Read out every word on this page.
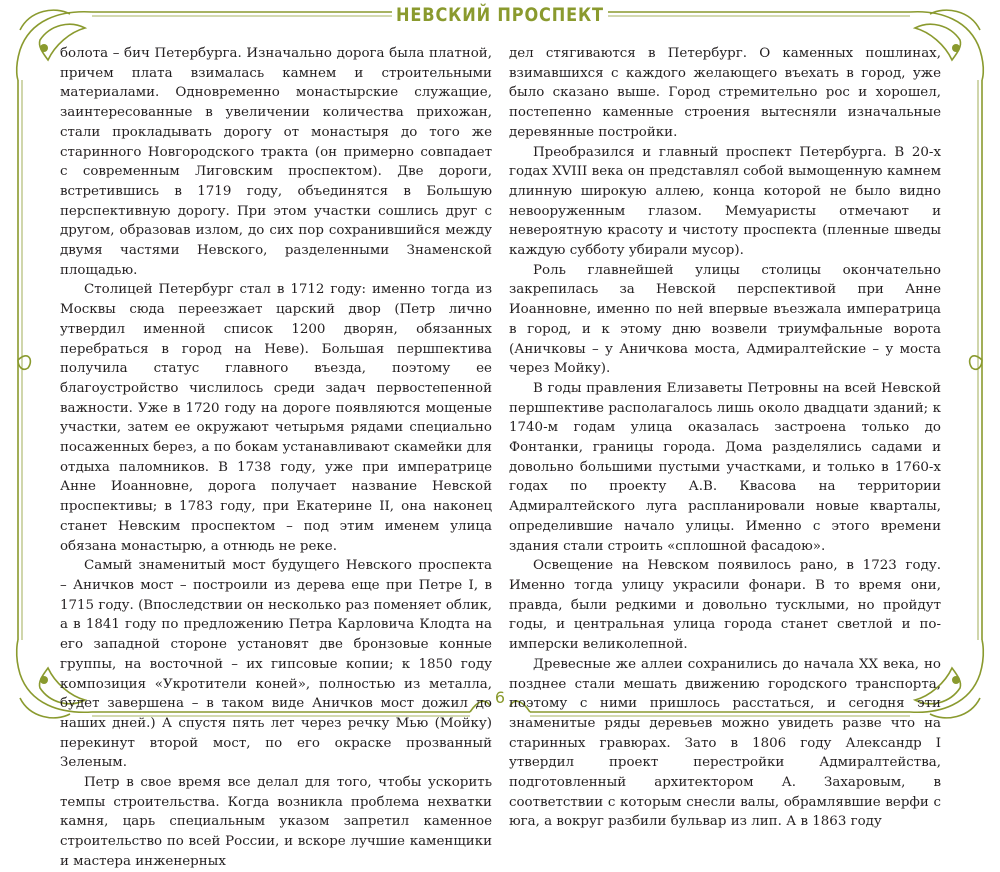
НЕВСКИЙ ПРОСПЕКТ

болота – бич Петербурга. Изначально дорога была платной, причем плата взималась камнем и строительными материалами. Одновременно монастырские служащие, заинтересованные в увеличении количества прихожан, стали прокладывать дорогу от монастыря до того же старинного Новгородского тракта (он примерно совпадает с современным Лиговским проспектом). Две дороги, встретившись в 1719 году, объединятся в Большую перспективную дорогу. При этом участки сошлись друг с другом, образовав излом, до сих пор сохранившийся между двумя частями Невского, разделенными Знаменской площадью.

Столицей Петербург стал в 1712 году: именно тогда из Москвы сюда переезжает царский двор (Петр лично утвердил именной список 1200 дворян, обязанных перебраться в город на Неве). Большая першпектива получила статус главного въезда, поэтому ее благоустройство числилось среди задач первостепенной важности. Уже в 1720 году на дороге появляются мощеные участки, затем ее окружают четырьмя рядами специально посаженных берез, а по бокам устанавливают скамейки для отдыха паломников. В 1738 году, уже при императрице Анне Иоанновне, дорога получает название Невской проспективы; в 1783 году, при Екатерине II, она наконец станет Невским проспектом – под этим именем улица обязана монастырю, а отнюдь не реке.

Самый знаменитый мост будущего Невского проспекта – Аничков мост – построили из дерева еще при Петре I, в 1715 году. (Впоследствии он несколько раз поменяет облик, а в 1841 году по предложению Петра Карловича Клодта на его западной стороне установят две бронзовые конные группы, на восточной – их гипсовые копии; к 1850 году композиция «Укротители коней», полностью из металла, будет завершена – в таком виде Аничков мост дожил до наших дней.) А спустя пять лет через речку Мью (Мойку) перекинут второй мост, по его окраске прозванный Зеленым.

Петр в свое время все делал для того, чтобы ускорить темпы строительства. Когда возникла проблема нехватки камня, царь специальным указом запретил каменное строительство по всей России, и вскоре лучшие каменщики и мастера инженерных

дел стягиваются в Петербург. О каменных пошлинах, взимавшихся с каждого желающего въехать в город, уже было сказано выше. Город стремительно рос и хорошел, постепенно каменные строения вытесняли изначальные деревянные постройки.

Преобразился и главный проспект Петербурга. В 20-х годах XVIII века он представлял собой вымощенную камнем длинную широкую аллею, конца которой не было видно невооруженным глазом. Мемуаристы отмечают и невероятную красоту и чистоту проспекта (пленные шведы каждую субботу убирали мусор).

Роль главнейшей улицы столицы окончательно закрепилась за Невской перспективой при Анне Иоанновне, именно по ней впервые въезжала императрица в город, и к этому дню возвели триумфальные ворота (Аничковы – у Аничкова моста, Адмиралтейские – у моста через Мойку).

В годы правления Елизаветы Петровны на всей Невской першпективе располагалось лишь около двадцати зданий; к 1740-м годам улица оказалась застроена только до Фонтанки, границы города. Дома разделялись садами и довольно большими пустыми участками, и только в 1760-х годах по проекту А.В. Квасова на территории Адмиралтейского луга распланировали новые кварталы, определившие начало улицы. Именно с этого времени здания стали строить «сплошной фасадою».

Освещение на Невском появилось рано, в 1723 году. Именно тогда улицу украсили фонари. В то время они, правда, были редкими и довольно тусклыми, но пройдут годы, и центральная улица города станет светлой и по-имперски великолепной.

Древесные же аллеи сохранились до начала XX века, но позднее стали мешать движению городского транспорта, поэтому с ними пришлось расстаться, и сегодня эти знаменитые ряды деревьев можно увидеть разве что на старинных гравюрах. Зато в 1806 году Александр I утвердил проект перестройки Адмиралтейства, подготовленный архитектором А. Захаровым, в соответствии с которым снесли валы, обрамлявшие верфи с юга, а вокруг разбили бульвар из лип. А в 1863 году

6
